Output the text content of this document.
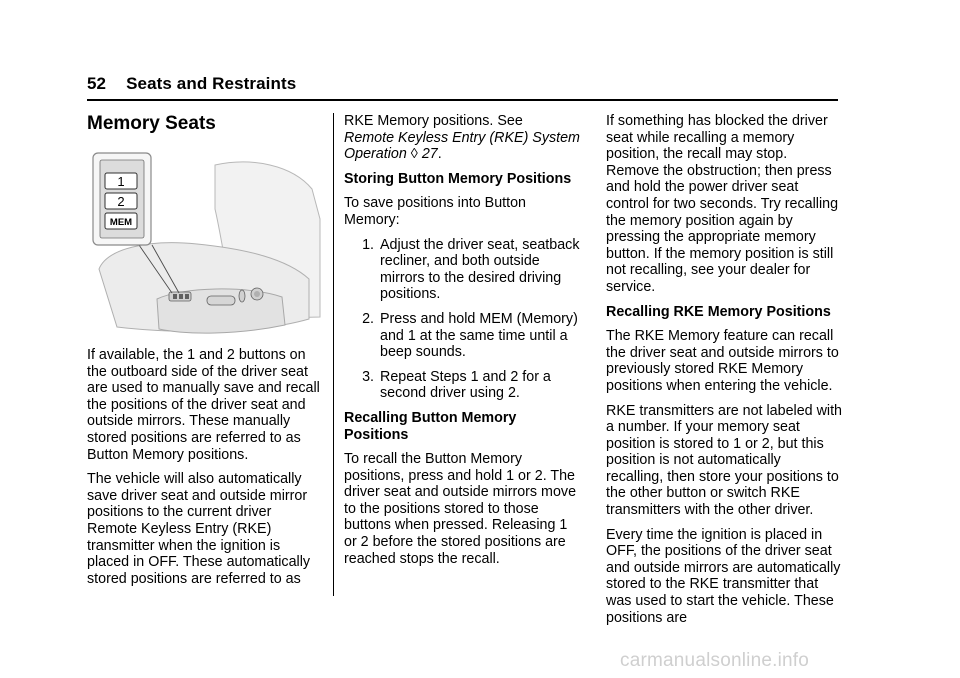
52 Seats and Restraints
Memory Seats
1
2
MEM

If available, the 1 and 2 buttons on the outboard side of the driver seat are used to manually save and recall the positions of the driver seat and outside mirrors. These manually stored positions are referred to as Button Memory positions.

The vehicle will also automatically save driver seat and outside mirror positions to the current driver Remote Keyless Entry (RKE) transmitter when the ignition is placed in OFF. These automatically stored positions are referred to as

RKE Memory positions. See
Remote Keyless Entry (RKE) System Operation ◊ 27.

Storing Button Memory Positions

To save positions into Button Memory:

1. Adjust the driver seat, seatback recliner, and both outside mirrors to the desired driving positions.
2. Press and hold MEM (Memory) and 1 at the same time until a beep sounds.
3. Repeat Steps 1 and 2 for a second driver using 2.
Recalling Button Memory Positions

To recall the Button Memory positions, press and hold 1 or 2. The driver seat and outside mirrors move to the positions stored to those buttons when pressed. Releasing 1 or 2 before the stored positions are reached stops the recall.

If something has blocked the driver seat while recalling a memory position, the recall may stop. Remove the obstruction; then press and hold the power driver seat control for two seconds. Try recalling the memory position again by pressing the appropriate memory button. If the memory position is still not recalling, see your dealer for service.

Recalling RKE Memory Positions

The RKE Memory feature can recall the driver seat and outside mirrors to previously stored RKE Memory positions when entering the vehicle.

RKE transmitters are not labeled with a number. If your memory seat position is stored to 1 or 2, but this position is not automatically recalling, then store your positions to the other button or switch RKE transmitters with the other driver.

Every time the ignition is placed in OFF, the positions of the driver seat and outside mirrors are automatically stored to the RKE transmitter that was used to start the vehicle. These positions are

carmanualsonline.info
